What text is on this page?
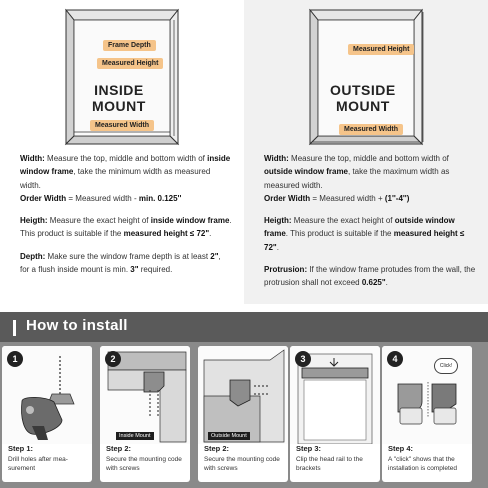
Frame Depth
Measured Height
INSIDE
MOUNT
Measured Width

Width: Measure the top, middle and bottom width of inside window frame, take the minimum width as measured width.
Order Width = Measured width - min. 0.125''

Heigth: Measure the exact height of inside window frame. This product is suitable if the measured height ≤ 72".

Depth: Make sure the window frame depth is at least 2", for a flush inside mount is min. 3" required.

Measured Height
OUTSIDE
MOUNT
Measured Width

Width: Measure the top, middle and bottom width of outside window frame, take the maximum width as measured width.
Order Width = Measured width + (1''-4'')

Heigth: Measure the exact height of outside window frame. This product is suitable if the measured height ≤ 72".

Protrusion: If the window frame protudes from the wall, the protrusion shall not exceed 0.625".

How to install
1
Step 1:
Drill holes after mea-surement
2
Inside Mount
Step 2:
Secure the mounting code with screws
Outside Mount
Step 2:
Secure the mounting code with screws
3
Step 3:
Clip the head rail to the brackets
4
Click!
Step 4:
A "click" shows that the installation is completed
